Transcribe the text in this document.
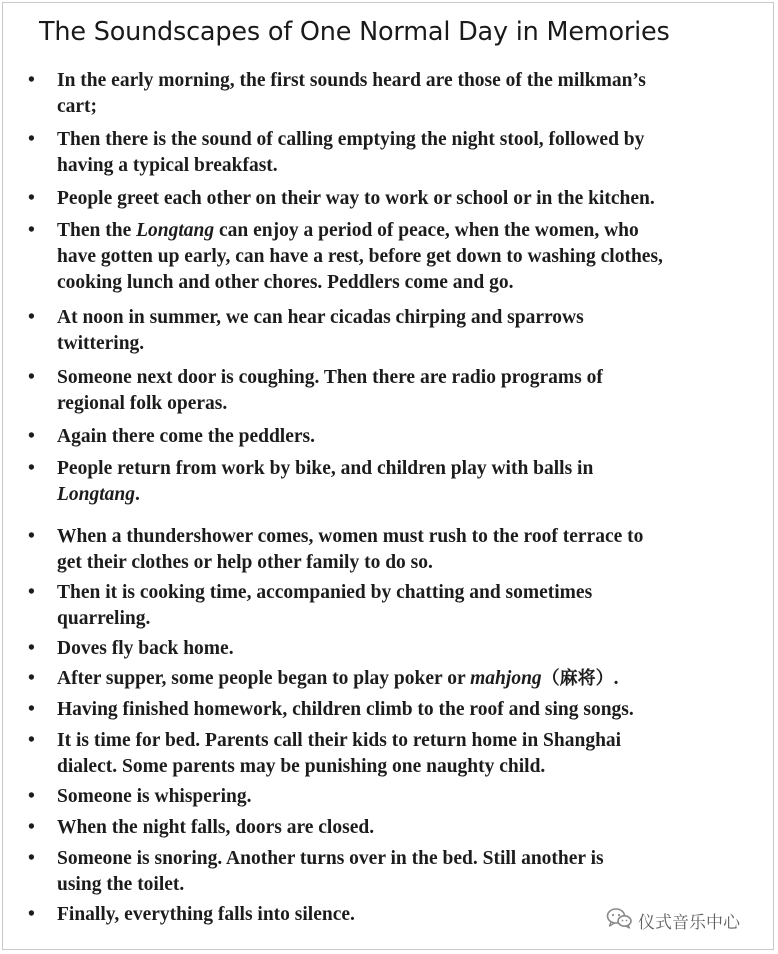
The Soundscapes of One Normal Day in Memories
• In the early morning, the first sounds heard are those of the milkman’s
cart;
• Then there is the sound of calling emptying the night stool, followed by
having a typical breakfast.
• People greet each other on their way to work or school or in the kitchen.
• Then the Longtang can enjoy a period of peace, when the women, who
have gotten up early, can have a rest, before get down to washing clothes,
cooking lunch and other chores. Peddlers come and go.
• At noon in summer, we can hear cicadas chirping and sparrows
twittering.
• Someone next door is coughing. Then there are radio programs of
regional folk operas.
• Again there come the peddlers.
• People return from work by bike, and children play with balls in
Longtang.
• When a thundershower comes, women must rush to the roof terrace to
get their clothes or help other family to do so.
• Then it is cooking time, accompanied by chatting and sometimes
quarreling.
• Doves fly back home.
• After supper, some people began to play poker or mahjong（麻将）.
• Having finished homework, children climb to the roof and sing songs.
• It is time for bed. Parents call their kids to return home in Shanghai
dialect. Some parents may be punishing one naughty child.
• Someone is whispering.
• When the night falls, doors are closed.
• Someone is snoring. Another turns over in the bed. Still another is
using the toilet.
• Finally, everything falls into silence.	仪式音乐中心
